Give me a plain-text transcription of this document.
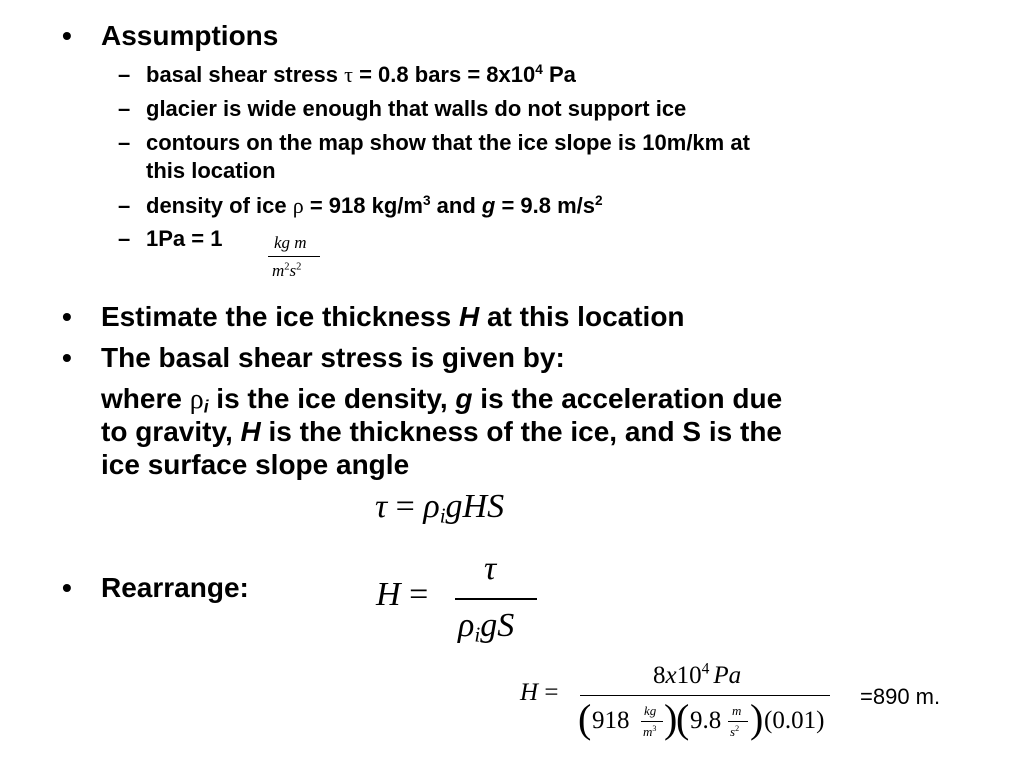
• Assumptions
– basal shear stress τ = 0.8 bars = $8x10^4$ Pa
– glacier is wide enough that walls do not support ice
– contours on the map show that the ice slope is 10m/km at
this location
– density of ice ρ = 918 $kg/m^3$ and g = 9.8 $m/s^2$
– 1Pa = 1	kg m
$m^2s^2$
• Estimate the ice thickness H at this location
• The basal shear stress is given by:
where $\rho_i$ is the ice density, g is the acceleration due
to gravity, H is the thickness of the ice, and S is the
ice surface slope angle
$\tau = \rho_igHS$
• Rearrange:	H =
τ
$\rho_igS$
H =
$8x10^4$ Pa
( 918 kg
$m^3$ )
( 9.8 m
$s^2$ ) (0.01)
=890 m.
